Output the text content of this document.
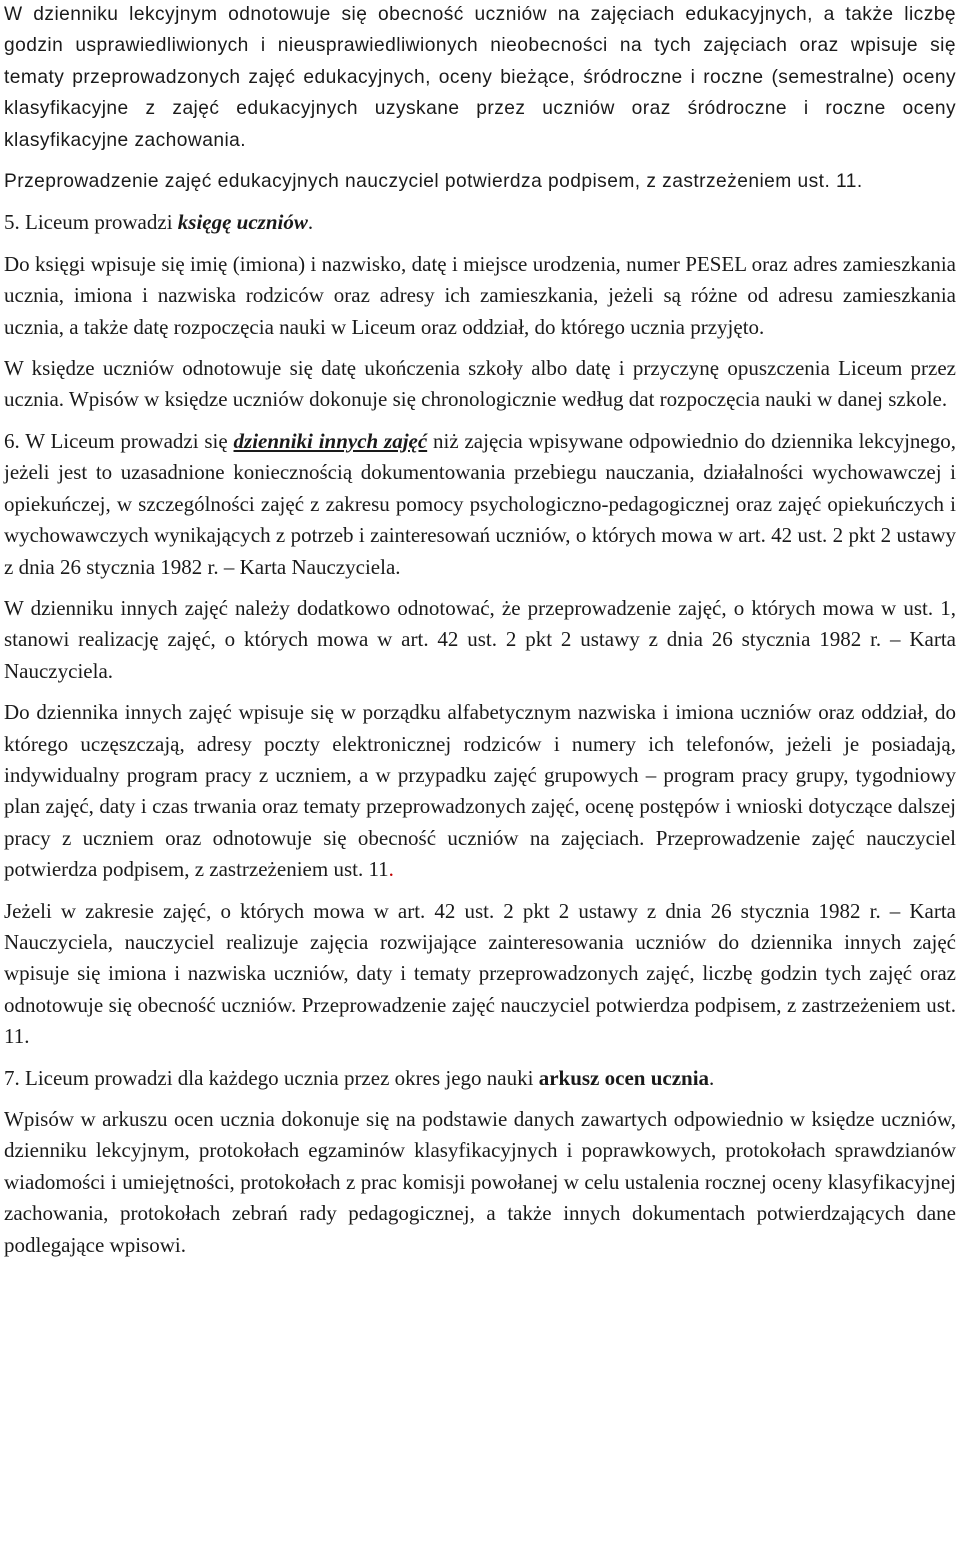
W dzienniku lekcyjnym odnotowuje się obecność uczniów na zajęciach edukacyjnych, a także liczbę godzin usprawiedliwionych i nieusprawiedliwionych nieobecności na tych zajęciach oraz wpisuje się tematy przeprowadzonych zajęć edukacyjnych, oceny bieżące, śródroczne i roczne (semestralne) oceny klasyfikacyjne z zajęć edukacyjnych uzyskane przez uczniów oraz śródroczne i roczne oceny klasyfikacyjne zachowania.

Przeprowadzenie zajęć edukacyjnych nauczyciel potwierdza podpisem, z zastrzeżeniem ust. 11.

5. Liceum prowadzi księgę uczniów.

Do księgi wpisuje się imię (imiona) i nazwisko, datę i miejsce urodzenia, numer PESEL oraz adres zamieszkania ucznia, imiona i nazwiska rodziców oraz adresy ich zamieszkania, jeżeli są różne od adresu zamieszkania ucznia, a także datę rozpoczęcia nauki w Liceum oraz oddział, do którego ucznia przyjęto.

W księdze uczniów odnotowuje się datę ukończenia szkoły albo datę i przyczynę opuszczenia Liceum przez ucznia. Wpisów w księdze uczniów dokonuje się chronologicznie według dat rozpoczęcia nauki w danej szkole.

6. W Liceum prowadzi się dzienniki innych zajęć niż zajęcia wpisywane odpowiednio do dziennika lekcyjnego, jeżeli jest to uzasadnione koniecznością dokumentowania przebiegu nauczania, działalności wychowawczej i opiekuńczej, w szczególności zajęć z zakresu pomocy psychologiczno-pedagogicznej oraz zajęć opiekuńczych i wychowawczych wynikających z potrzeb i zainteresowań uczniów, o których mowa w art. 42 ust. 2 pkt 2 ustawy z dnia 26 stycznia 1982 r. – Karta Nauczyciela.

W dzienniku innych zajęć należy dodatkowo odnotować, że przeprowadzenie zajęć, o których mowa w ust. 1, stanowi realizację zajęć, o których mowa w art. 42 ust. 2 pkt 2 ustawy z dnia 26 stycznia 1982 r. – Karta Nauczyciela.

Do dziennika innych zajęć wpisuje się w porządku alfabetycznym nazwiska i imiona uczniów oraz oddział, do którego uczęszczają, adresy poczty elektronicznej rodziców i numery ich telefonów, jeżeli je posiadają, indywidualny program pracy z uczniem, a w przypadku zajęć grupowych – program pracy grupy, tygodniowy plan zajęć, daty i czas trwania oraz tematy przeprowadzonych zajęć, ocenę postępów i wnioski dotyczące dalszej pracy z uczniem oraz odnotowuje się obecność uczniów na zajęciach. Przeprowadzenie zajęć nauczyciel potwierdza podpisem, z zastrzeżeniem ust. 11.

Jeżeli w zakresie zajęć, o których mowa w art. 42 ust. 2 pkt 2 ustawy z dnia 26 stycznia 1982 r. – Karta Nauczyciela, nauczyciel realizuje zajęcia rozwijające zainteresowania uczniów do dziennika innych zajęć wpisuje się imiona i nazwiska uczniów, daty i tematy przeprowadzonych zajęć, liczbę godzin tych zajęć oraz odnotowuje się obecność uczniów. Przeprowadzenie zajęć nauczyciel potwierdza podpisem, z zastrzeżeniem ust. 11.

7. Liceum prowadzi dla każdego ucznia przez okres jego nauki arkusz ocen ucznia.

Wpisów w arkuszu ocen ucznia dokonuje się na podstawie danych zawartych odpowiednio w księdze uczniów, dzienniku lekcyjnym, protokołach egzaminów klasyfikacyjnych i poprawkowych, protokołach sprawdzianów wiadomości i umiejętności, protokołach z prac komisji powołanej w celu ustalenia rocznej oceny klasyfikacyjnej zachowania, protokołach zebrań rady pedagogicznej, a także innych dokumentach potwierdzających dane podlegające wpisowi.
